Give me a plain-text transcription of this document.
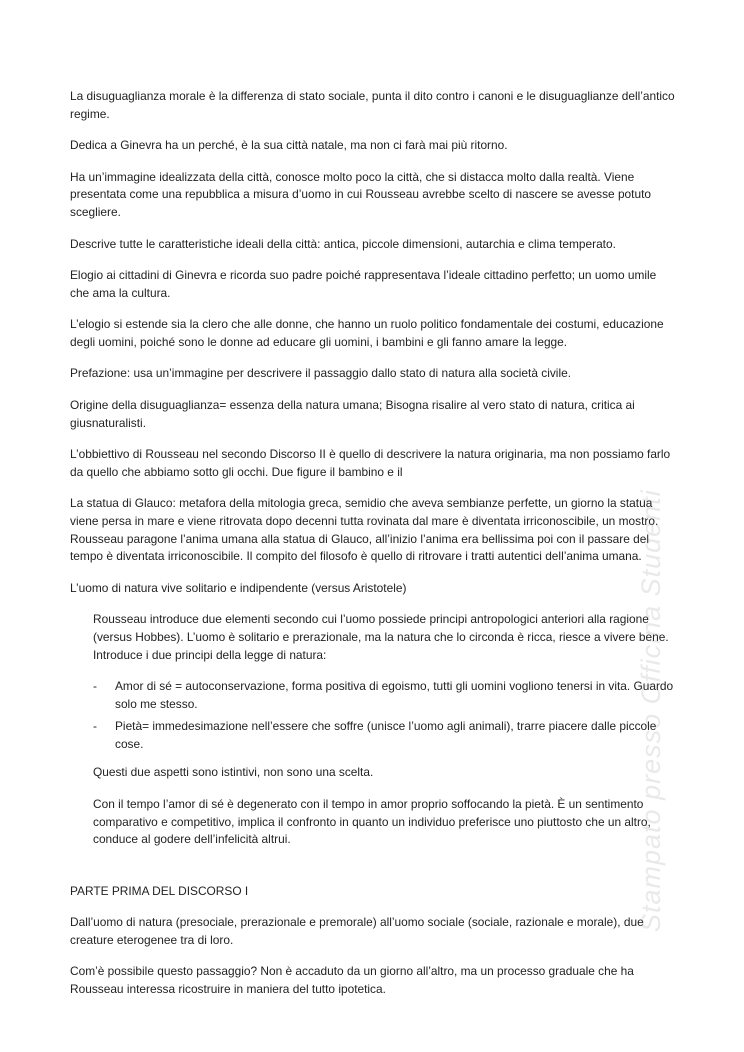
La disuguaglianza morale è la differenza di stato sociale, punta il dito contro i canoni e le disuguaglianze dell’antico regime.

Dedica a Ginevra ha un perché, è la sua città natale, ma non ci farà mai più ritorno.

Ha un’immagine idealizzata della città, conosce molto poco la città, che si distacca molto dalla realtà. Viene presentata come una repubblica a misura d’uomo in cui Rousseau avrebbe scelto di nascere se avesse potuto scegliere.

Descrive tutte le caratteristiche ideali della città: antica, piccole dimensioni, autarchia e clima temperato.

Elogio ai cittadini di Ginevra e ricorda suo padre poiché rappresentava l’ideale cittadino perfetto; un uomo umile che ama la cultura.

L’elogio si estende sia la clero che alle donne, che hanno un ruolo politico fondamentale dei costumi, educazione degli uomini, poiché sono le donne ad educare gli uomini, i bambini e gli fanno amare la legge.

Prefazione: usa un’immagine per descrivere il passaggio dallo stato di natura alla società civile.

Origine della disuguaglianza= essenza della natura umana; Bisogna risalire al vero stato di natura, critica ai giusnaturalisti.

L’obbiettivo di Rousseau nel secondo Discorso II è quello di descrivere la natura originaria, ma non possiamo farlo da quello che abbiamo sotto gli occhi. Due figure il bambino e il

La statua di Glauco: metafora della mitologia greca, semidio che aveva sembianze perfette, un giorno la statua viene persa in mare e viene ritrovata dopo decenni tutta rovinata dal mare è diventata irriconoscibile, un mostro. Rousseau paragone l’anima umana alla statua di Glauco, all’inizio l’anima era bellissima poi con il passare del tempo è diventata irriconoscibile. Il compito del filosofo è quello di ritrovare i tratti autentici dell’anima umana.

L’uomo di natura vive solitario e indipendente (versus Aristotele)

Rousseau introduce due elementi secondo cui l’uomo possiede principi antropologici anteriori alla ragione (versus Hobbes). L’uomo è solitario e prerazionale, ma la natura che lo circonda è ricca, riesce a vivere bene. Introduce i due principi della legge di natura:

- Amor di sé = autoconservazione, forma positiva di egoismo, tutti gli uomini vogliono tenersi in vita. Guardo solo me stesso.
- Pietà= immedesimazione nell’essere che soffre (unisce l’uomo agli animali), trarre piacere dalle piccole cose.

Questi due aspetti sono istintivi, non sono una scelta.

Con il tempo l’amor di sé è degenerato con il tempo in amor proprio soffocando la pietà. È un sentimento comparativo e competitivo, implica il confronto in quanto un individuo preferisce uno piuttosto che un altro, conduce al godere dell’infelicità altrui.

PARTE PRIMA DEL DISCORSO I

Dall’uomo di natura (presociale, prerazionale e premorale) all’uomo sociale (sociale, razionale e morale), due creature eterogenee tra di loro.

Com’è possibile questo passaggio? Non è accaduto da un giorno all’altro, ma un processo graduale che ha Rousseau interessa ricostruire in maniera del tutto ipotetica.

Stampato presso Officina Studenti
